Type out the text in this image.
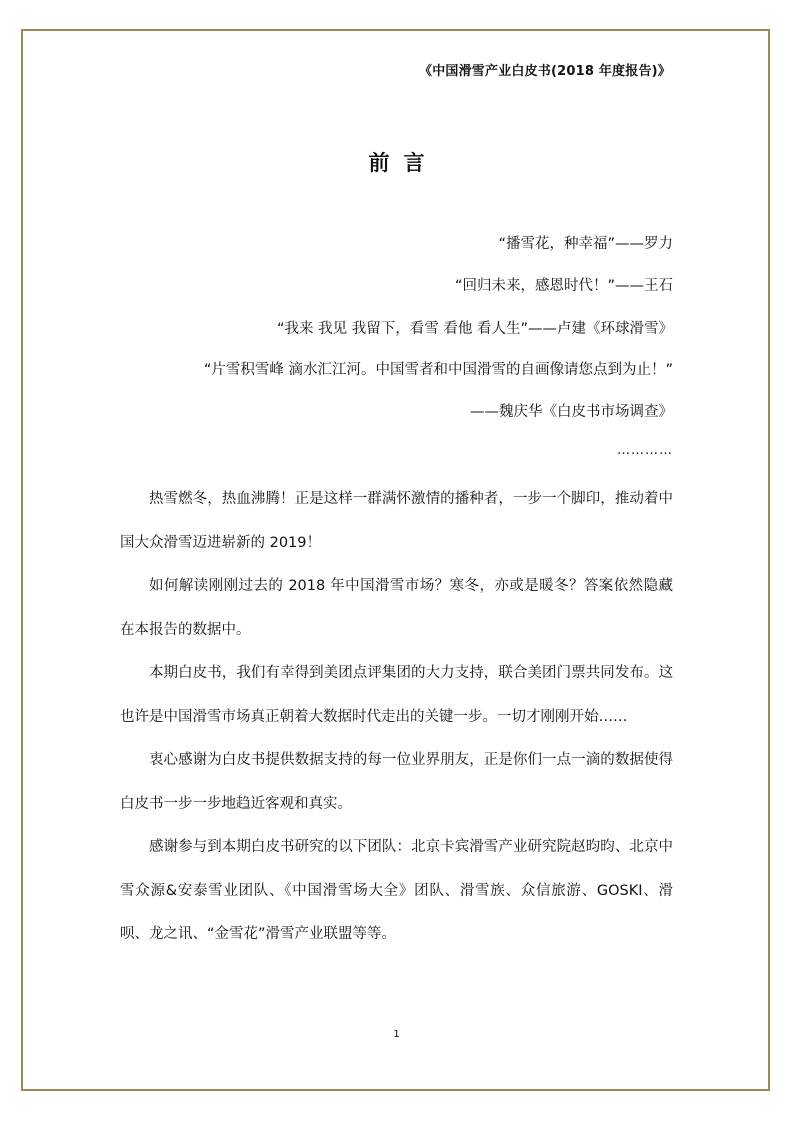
《中国滑雪产业白皮书(2018 年度报告)》
前言
“播雪花，种幸福”——罗力
“回归未来，感恩时代！”——王石
“我来 我见 我留下，看雪 看他 看人生”——卢建《环球滑雪》
“片雪积雪峰 滴水汇江河。中国雪者和中国滑雪的自画像请您点到为止！”
——魏庆华《白皮书市场调查》
…………

热雪燃冬，热血沸腾！正是这样一群满怀激情的播种者，一步一个脚印，推动着中国大众滑雪迈进崭新的 2019！

如何解读刚刚过去的 2018 年中国滑雪市场？寒冬，亦或是暖冬？答案依然隐藏在本报告的数据中。

本期白皮书，我们有幸得到美团点评集团的大力支持，联合美团门票共同发布。这也许是中国滑雪市场真正朝着大数据时代走出的关键一步。一切才刚刚开始……

衷心感谢为白皮书提供数据支持的每一位业界朋友，正是你们一点一滴的数据使得白皮书一步一步地趋近客观和真实。

感谢参与到本期白皮书研究的以下团队：北京卡宾滑雪产业研究院赵昀昀、北京中雪众源&安泰雪业团队、《中国滑雪场大全》团队、滑雪族、众信旅游、GOSKI、滑呗、龙之讯、“金雪花”滑雪产业联盟等等。

1
